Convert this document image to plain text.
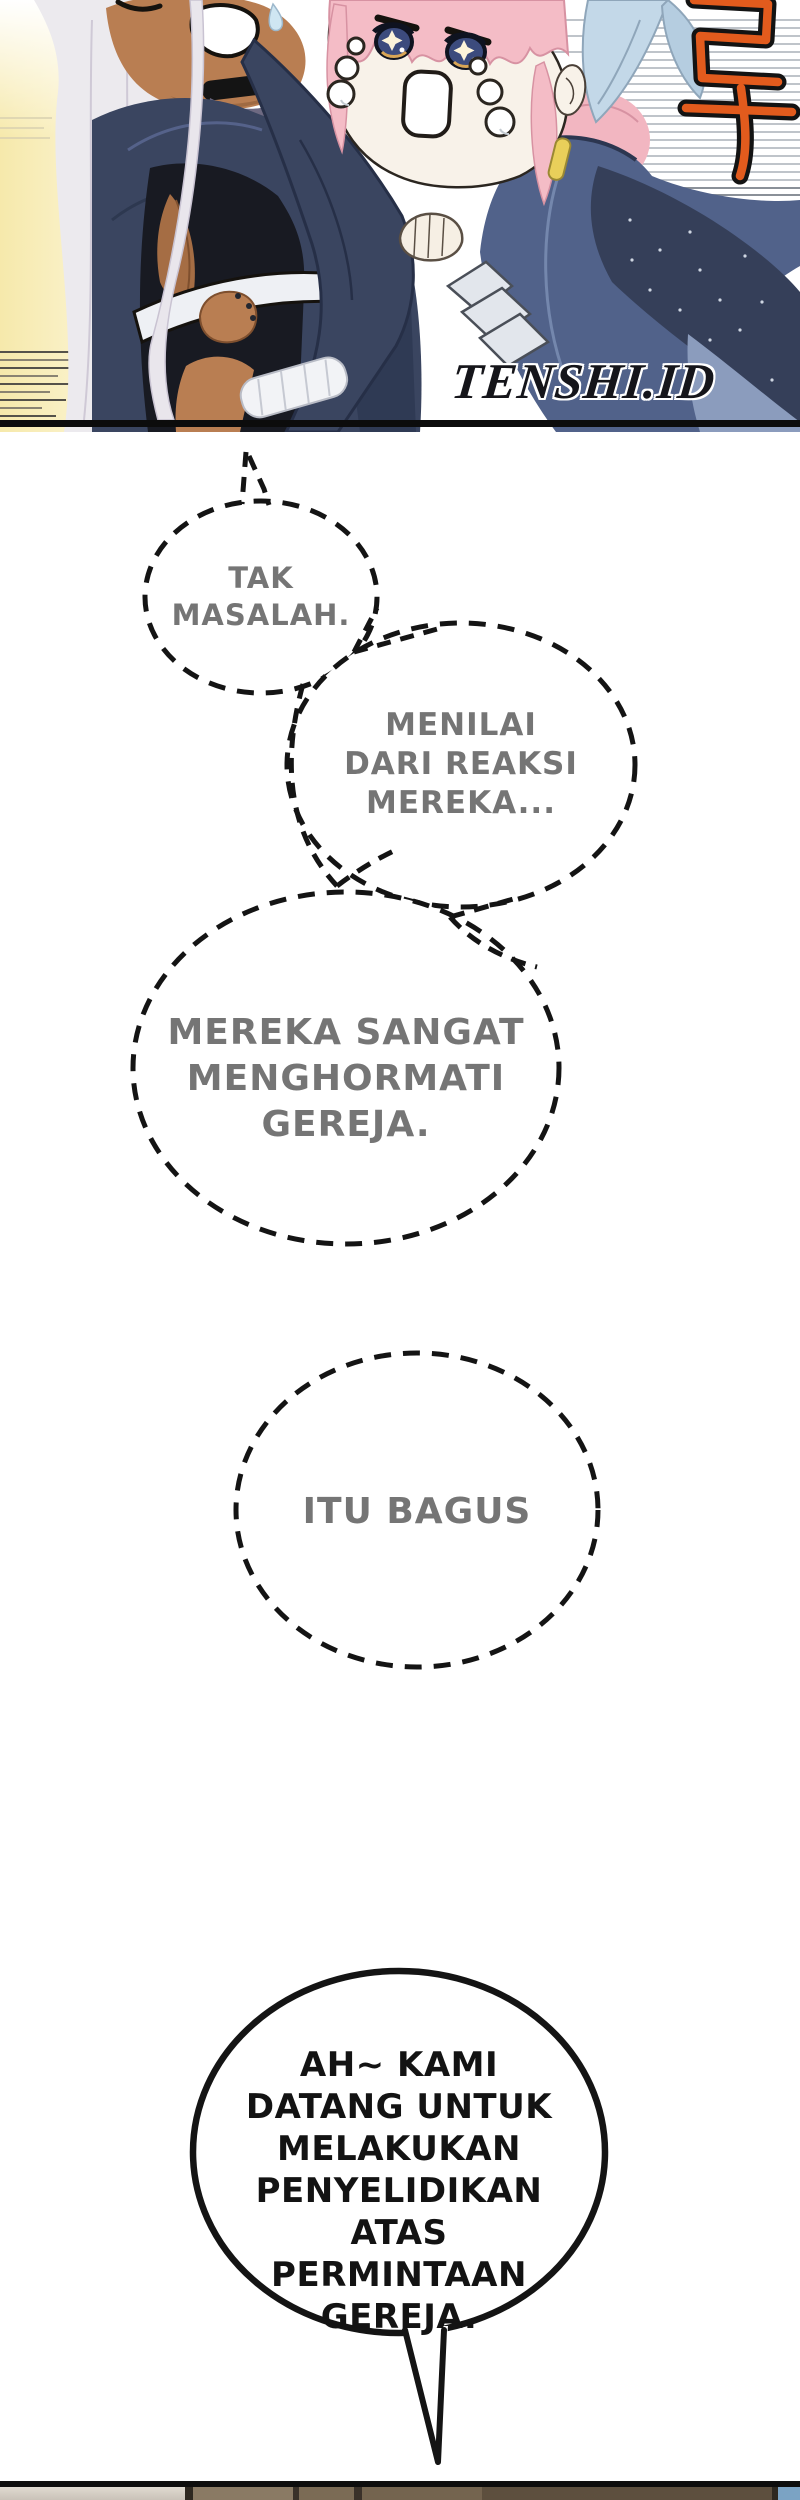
TENSHI.ID
TAK
MASALAH.
MENILAI
DARI REAKSI
MEREKA...
MEREKA SANGAT
MENGHORMATI
GEREJA.
ITU BAGUS
AH~ KAMI
DATANG UNTUK
MELAKUKAN
PENYELIDIKAN ATAS
PERMINTAAN
GEREJA.
